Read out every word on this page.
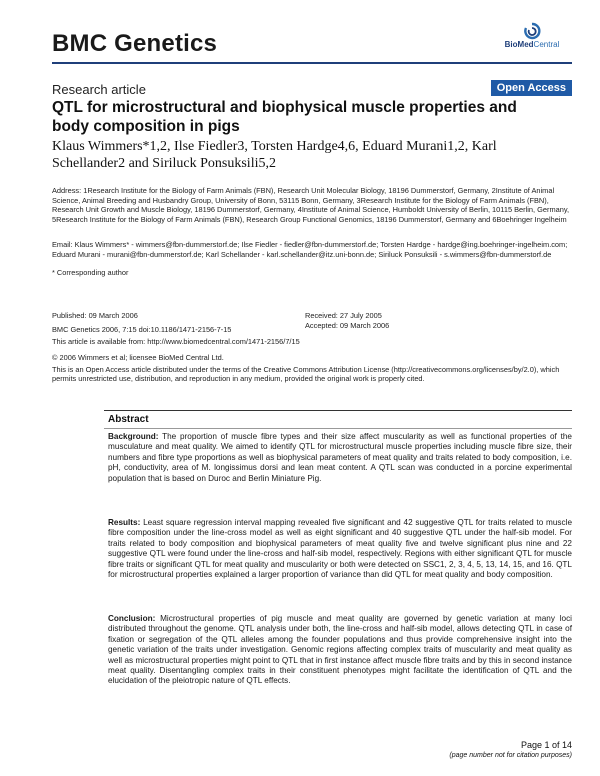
BMC Genetics	BioMedCentral
Research article	Open Access
QTL for microstructural and biophysical muscle properties and body composition in pigs
Klaus Wimmers*1,2, Ilse Fiedler3, Torsten Hardge4,6, Eduard Murani1,2, Karl Schellander2 and Siriluck Ponsuksili5,2
Address: 1Research Institute for the Biology of Farm Animals (FBN), Research Unit Molecular Biology, 18196 Dummerstorf, Germany, 2Institute of Animal Science, Animal Breeding and Husbandry Group, University of Bonn, 53115 Bonn, Germany, 3Research Institute for the Biology of Farm Animals (FBN), Research Unit Growth and Muscle Biology, 18196 Dummerstorf, Germany, 4Institute of Animal Science, Humboldt University of Berlin, 10115 Berlin, Germany, 5Research Institute for the Biology of Farm Animals (FBN), Research Group Functional Genomics, 18196 Dummerstorf, Germany and 6Boehringer Ingelheim
Email: Klaus Wimmers* - wimmers@fbn-dummerstorf.de; Ilse Fiedler - fiedler@fbn-dummerstorf.de; Torsten Hardge - hardge@ing.boehringer-ingelheim.com; Eduard Murani - murani@fbn-dummerstorf.de; Karl Schellander - karl.schellander@itz.uni-bonn.de; Siriluck Ponsuksili - s.wimmers@fbn-dummerstorf.de
* Corresponding author
Published: 09 March 2006
BMC Genetics 2006, 7:15 doi:10.1186/1471-2156-7-15
Received: 27 July 2005
Accepted: 09 March 2006
This article is available from: http://www.biomedcentral.com/1471-2156/7/15
© 2006 Wimmers et al; licensee BioMed Central Ltd.
This is an Open Access article distributed under the terms of the Creative Commons Attribution License (http://creativecommons.org/licenses/by/2.0), which permits unrestricted use, distribution, and reproduction in any medium, provided the original work is properly cited.
Abstract
Background: The proportion of muscle fibre types and their size affect muscularity as well as functional properties of the musculature and meat quality. We aimed to identify QTL for microstructural muscle properties including muscle fibre size, their numbers and fibre type proportions as well as biophysical parameters of meat quality and traits related to body composition, i.e. pH, conductivity, area of M. longissimus dorsi and lean meat content. A QTL scan was conducted in a porcine experimental population that is based on Duroc and Berlin Miniature Pig.
Results: Least square regression interval mapping revealed five significant and 42 suggestive QTL for traits related to muscle fibre composition under the line-cross model as well as eight significant and 40 suggestive QTL under the half-sib model. For traits related to body composition and biophysical parameters of meat quality five and twelve significant plus nine and 22 suggestive QTL were found under the line-cross and half-sib model, respectively. Regions with either significant QTL for muscle fibre traits or significant QTL for meat quality and muscularity or both were detected on SSC1, 2, 3, 4, 5, 13, 14, 15, and 16. QTL for microstructural properties explained a larger proportion of variance than did QTL for meat quality and body composition.
Conclusion: Microstructural properties of pig muscle and meat quality are governed by genetic variation at many loci distributed throughout the genome. QTL analysis under both, the line-cross and half-sib model, allows detecting QTL in case of fixation or segregation of the QTL alleles among the founder populations and thus provide comprehensive insight into the genetic variation of the traits under investigation. Genomic regions affecting complex traits of muscularity and meat quality as well as microstructural properties might point to QTL that in first instance affect muscle fibre traits and by this in second instance meat quality. Disentangling complex traits in their constituent phenotypes might facilitate the identification of QTL and the elucidation of the pleiotropic nature of QTL effects.
Page 1 of 14
(page number not for citation purposes)
